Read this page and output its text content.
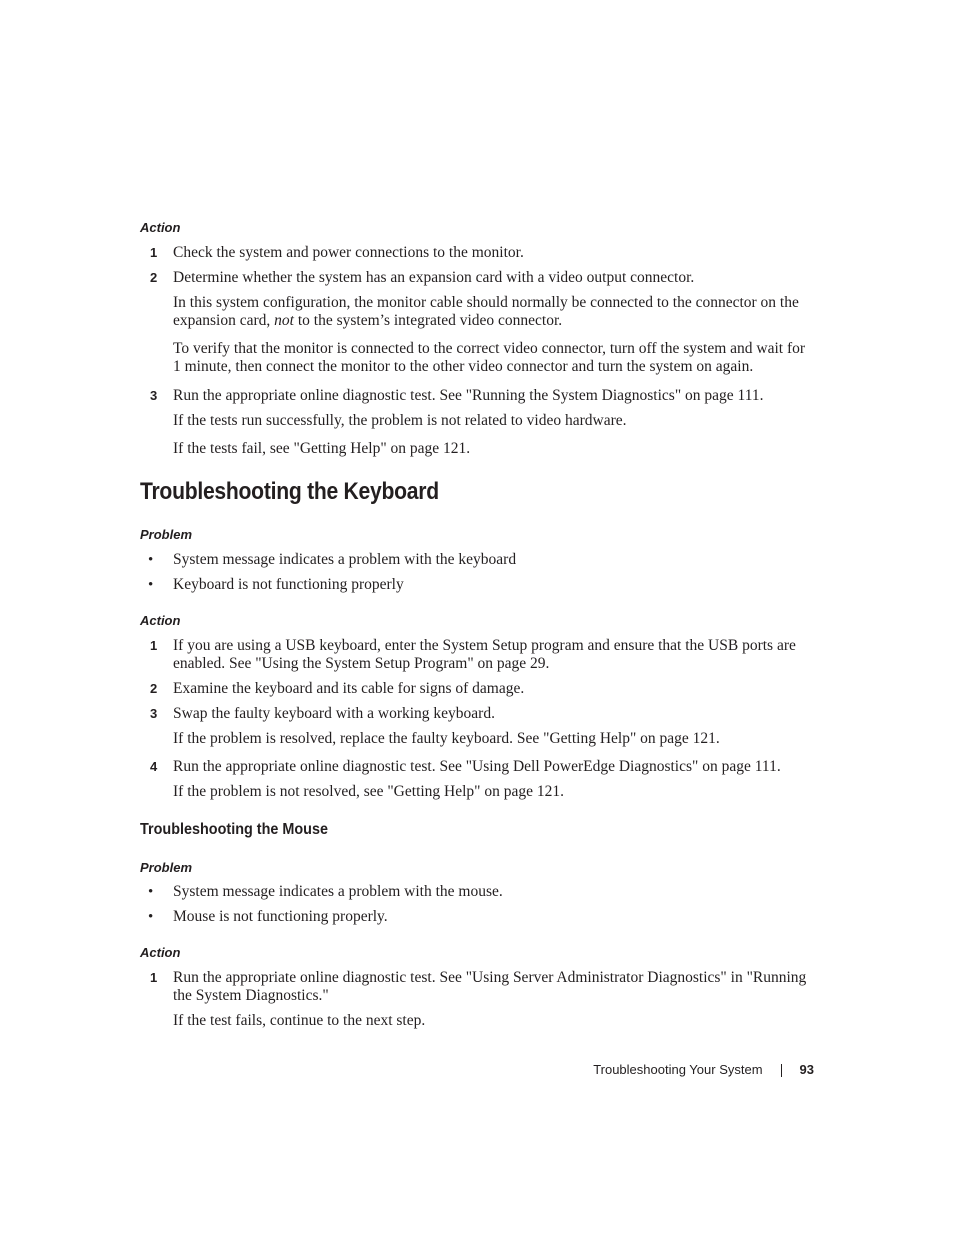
Action
1 Check the system and power connections to the monitor.
2 Determine whether the system has an expansion card with a video output connector.
In this system configuration, the monitor cable should normally be connected to the connector on the expansion card, not to the system’s integrated video connector.
To verify that the monitor is connected to the correct video connector, turn off the system and wait for 1 minute, then connect the monitor to the other video connector and turn the system on again.
3 Run the appropriate online diagnostic test. See "Running the System Diagnostics" on page 111.
If the tests run successfully, the problem is not related to video hardware.
If the tests fail, see "Getting Help" on page 121.
Troubleshooting the Keyboard
Problem
• System message indicates a problem with the keyboard
• Keyboard is not functioning properly
Action
1 If you are using a USB keyboard, enter the System Setup program and ensure that the USB ports are enabled. See "Using the System Setup Program" on page 29.
2 Examine the keyboard and its cable for signs of damage.
3 Swap the faulty keyboard with a working keyboard.
If the problem is resolved, replace the faulty keyboard. See "Getting Help" on page 121.
4 Run the appropriate online diagnostic test. See "Using Dell PowerEdge Diagnostics" on page 111.
If the problem is not resolved, see "Getting Help" on page 121.
Troubleshooting the Mouse
Problem
• System message indicates a problem with the mouse.
• Mouse is not functioning properly.
Action
1 Run the appropriate online diagnostic test. See "Using Server Administrator Diagnostics" in "Running the System Diagnostics."
If the test fails, continue to the next step.
Troubleshooting Your System	93
